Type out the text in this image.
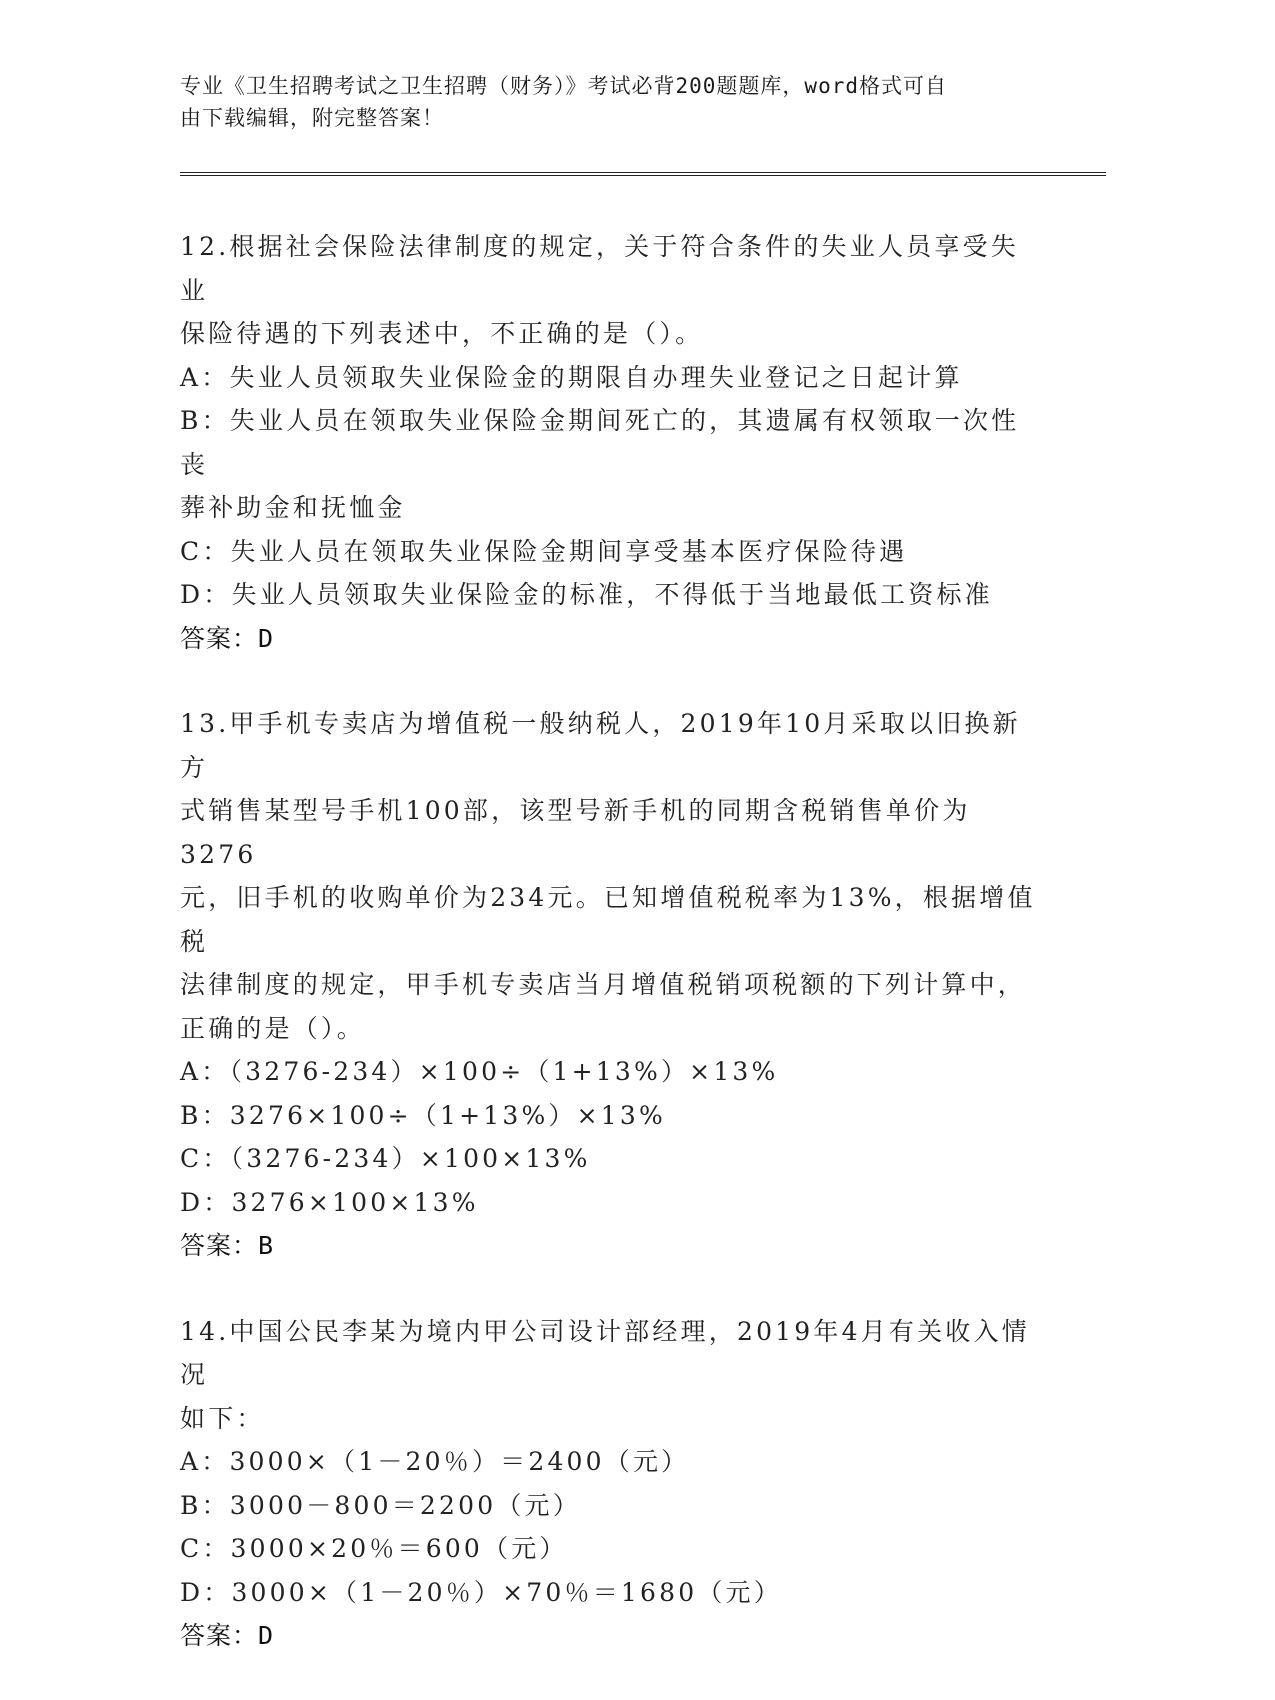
专业《卫生招聘考试之卫生招聘（财务）》考试必背200题题库，word格式可自
由下载编辑，附完整答案！
12.根据社会保险法律制度的规定，关于符合条件的失业人员享受失业
保险待遇的下列表述中，不正确的是（）。
A：失业人员领取失业保险金的期限自办理失业登记之日起计算
B：失业人员在领取失业保险金期间死亡的，其遗属有权领取一次性丧
葬补助金和抚恤金
C：失业人员在领取失业保险金期间享受基本医疗保险待遇
D：失业人员领取失业保险金的标准，不得低于当地最低工资标准
答案：D
13.甲手机专卖店为增值税一般纳税人，2019年10月采取以旧换新方
式销售某型号手机100部，该型号新手机的同期含税销售单价为3276
元，旧手机的收购单价为234元。已知增值税税率为13%，根据增值税
法律制度的规定，甲手机专卖店当月增值税销项税额的下列计算中，
正确的是（）。
A：（3276-234）×100÷（1+13%）×13%
B：3276×100÷（1+13%）×13%
C：（3276-234）×100×13%
D：3276×100×13%
答案：B
14.中国公民李某为境内甲公司设计部经理，2019年4月有关收入情况
如下：
A：3000×（1－20％）＝2400（元）
B：3000－800＝2200（元）
C：3000×20％＝600（元）
D：3000×（1－20％）×70％＝1680（元）
答案：D
